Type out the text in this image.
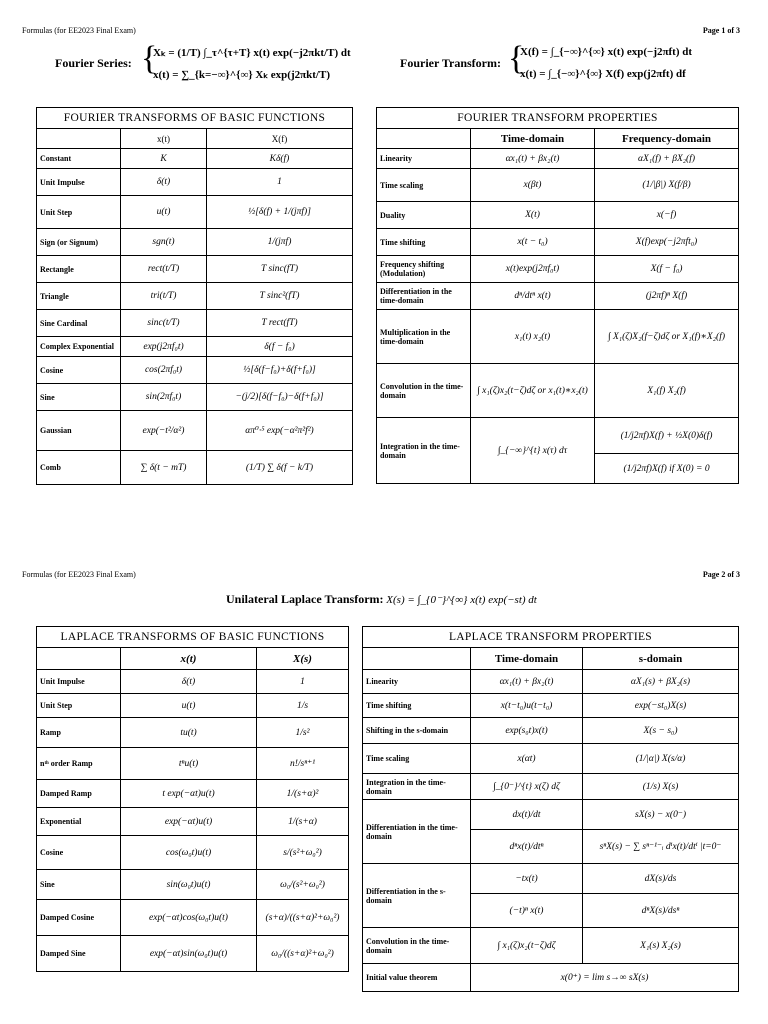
Formulas (for EE2023 Final Exam)	Page 1 of 3
Fourier Series: {
Xₖ = (1/T) ∫_τ^{τ+T} x(t) exp(−j2πkt/T) dt
x(t) = ∑_{k=−∞}^{∞} Xₖ exp(j2πkt/T)
Fourier Transform: {
X(f) = ∫_{−∞}^{∞} x(t) exp(−j2πft) dt
x(t) = ∫_{−∞}^{∞} X(f) exp(j2πft) df
FOURIER TRANSFORMS OF BASIC FUNCTIONS		
	x(t)	X(f)
Constant	K	Kδ(f)
Unit Impulse	δ(t)	1
Unit Step	u(t)	½[δ(f) + 1/(jπf)]
Sign (or Signum)	sgn(t)	1/(jπf)
Rectangle	rect(t/T)	T sinc(fT)
Triangle	tri(t/T)	T sinc²(fT)
Sine Cardinal	sinc(t/T)	T rect(fT)
Complex Exponential	exp(j2πf₀t)	δ(f − f₀)
Cosine	cos(2πf₀t)	½[δ(f−f₀)+δ(f+f₀)]
Sine	sin(2πf₀t)	−(j/2)[δ(f−f₀)−δ(f+f₀)]
Gaussian	exp(−t²/α²)	απ⁰·⁵ exp(−α²π²f²)
Comb	∑ δ(t − mT)	(1/T) ∑ δ(f − k/T)
FOURIER TRANSFORM PROPERTIES		
	Time-domain	Frequency-domain
Linearity	αx₁(t) + βx₂(t)	αX₁(f) + βX₂(f)
Time scaling	x(βt)	(1/|β|) X(f/β)
Duality	X(t)	x(−f)
Time shifting	x(t − t₀)	X(f)exp(−j2πft₀)
Frequency shifting (Modulation)	x(t)exp(j2πf₀t)	X(f − f₀)
Differentiation in the time-domain	dⁿ/dtⁿ x(t)	(j2πf)ⁿ X(f)
Multiplication in the time-domain	x₁(t) x₂(t)	∫ X₁(ζ)X₂(f−ζ)dζ or X₁(f)∗X₂(f)
Convolution in the time-domain	∫ x₁(ζ)x₂(t−ζ)dζ or x₁(t)∗x₂(t)	X₁(f) X₂(f)
Integration in the time-domain	∫_{−∞}^{t} x(τ) dτ	(1/j2πf)X(f) + ½X(0)δ(f)
		(1/j2πf)X(f) if X(0) = 0
Formulas (for EE2023 Final Exam)	Page 2 of 3
Unilateral Laplace Transform: X(s) = ∫_{0⁻}^{∞} x(t) exp(−st) dt
LAPLACE TRANSFORMS OF BASIC FUNCTIONS		
	x(t)	X(s)
Unit Impulse	δ(t)	1
Unit Step	u(t)	1/s
Ramp	tu(t)	1/s²
nᵗʰ order Ramp	tⁿu(t)	n!/sⁿ⁺¹
Damped Ramp	t exp(−αt)u(t)	1/(s+α)²
Exponential	exp(−αt)u(t)	1/(s+α)
Cosine	cos(ω₀t)u(t)	s/(s²+ω₀²)
Sine	sin(ω₀t)u(t)	ω₀/(s²+ω₀²)
Damped Cosine	exp(−αt)cos(ω₀t)u(t)	(s+α)/((s+α)²+ω₀²)
Damped Sine	exp(−αt)sin(ω₀t)u(t)	ω₀/((s+α)²+ω₀²)
LAPLACE TRANSFORM PROPERTIES		
	Time-domain	s-domain
Linearity	αx₁(t) + βx₂(t)	αX₁(s) + βX₂(s)
Time shifting	x(t−t₀)u(t−t₀)	exp(−st₀)X(s)
Shifting in the s-domain	exp(s₀t)x(t)	X(s − s₀)
Time scaling	x(αt)	(1/|α|) X(s/α)
Integration in the time-domain	∫_{0⁻}^{t} x(ζ) dζ	(1/s) X(s)
Differentiation in the time-domain	dx(t)/dt	sX(s) − x(0⁻)
	dⁿx(t)/dtⁿ	sⁿX(s) − ∑ sⁿ⁻¹⁻ᵢ dⁱx(t)/dtⁱ |t=0⁻
Differentiation in the s-domain	−tx(t)	dX(s)/ds
	(−t)ⁿ x(t)	dⁿX(s)/dsⁿ
Convolution in the time-domain	∫ x₁(ζ)x₂(t−ζ)dζ	X₁(s) X₂(s)
Initial value theorem	x(0⁺) = lim s→∞ sX(s)	
